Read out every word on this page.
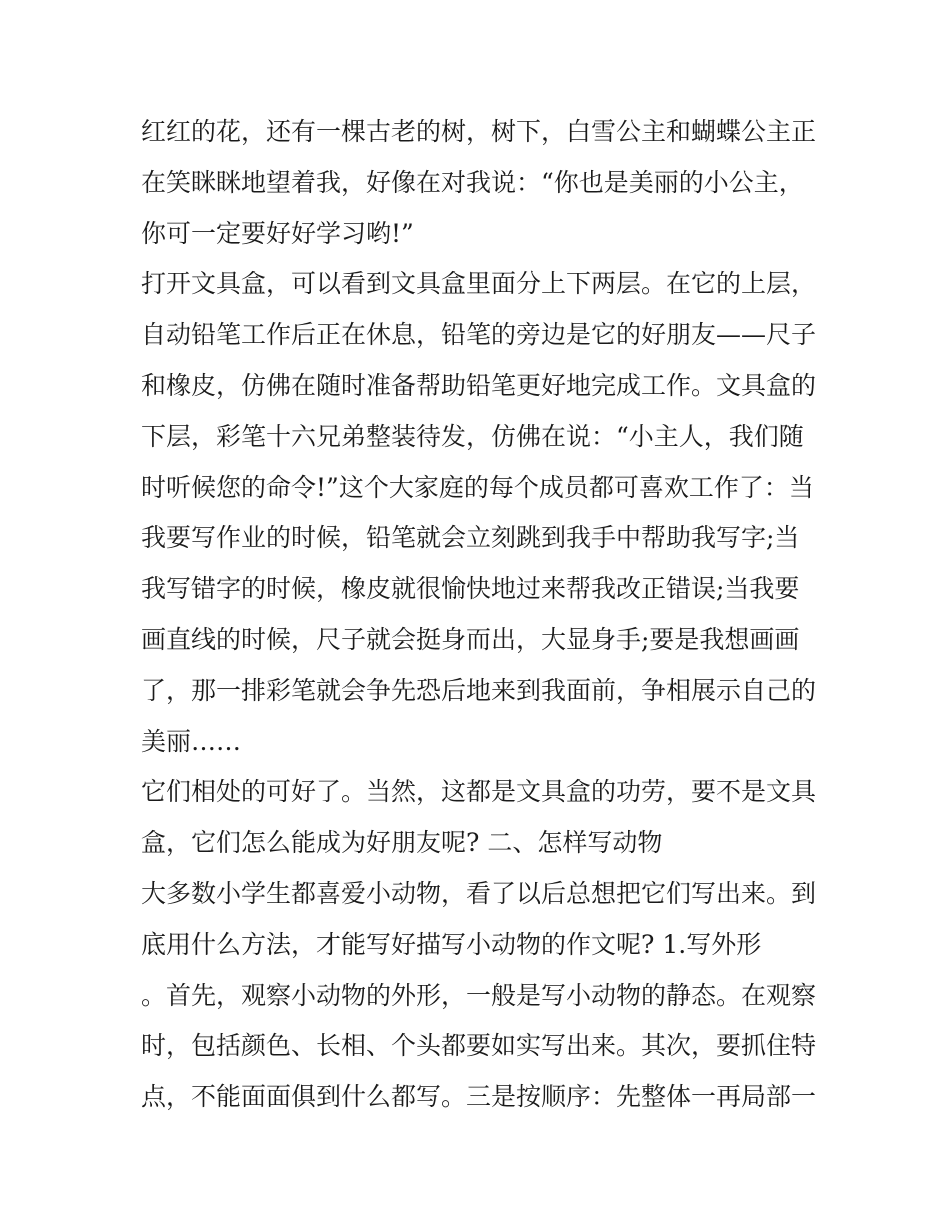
红红的花，还有一棵古老的树，树下，白雪公主和蝴蝶公主正
在笑眯眯地望着我，好像在对我说：“你也是美丽的小公主，
你可一定要好好学习哟!”
打开文具盒，可以看到文具盒里面分上下两层。在它的上层，
自动铅笔工作后正在休息，铅笔的旁边是它的好朋友——尺子
和橡皮，仿佛在随时准备帮助铅笔更好地完成工作。文具盒的
下层，彩笔十六兄弟整装待发，仿佛在说：“小主人，我们随
时听候您的命令!”这个大家庭的每个成员都可喜欢工作了：当
我要写作业的时候，铅笔就会立刻跳到我手中帮助我写字;当
我写错字的时候，橡皮就很愉快地过来帮我改正错误;当我要
画直线的时候，尺子就会挺身而出，大显身手;要是我想画画
了，那一排彩笔就会争先恐后地来到我面前，争相展示自己的
美丽……
它们相处的可好了。当然，这都是文具盒的功劳，要不是文具
盒，它们怎么能成为好朋友呢? 二、怎样写动物
大多数小学生都喜爱小动物，看了以后总想把它们写出来。到
底用什么方法，才能写好描写小动物的作文呢? 1.写外形
。首先，观察小动物的外形，一般是写小动物的静态。在观察
时，包括颜色、长相、个头都要如实写出来。其次，要抓住特
点，不能面面俱到什么都写。三是按顺序：先整体一再局部一
